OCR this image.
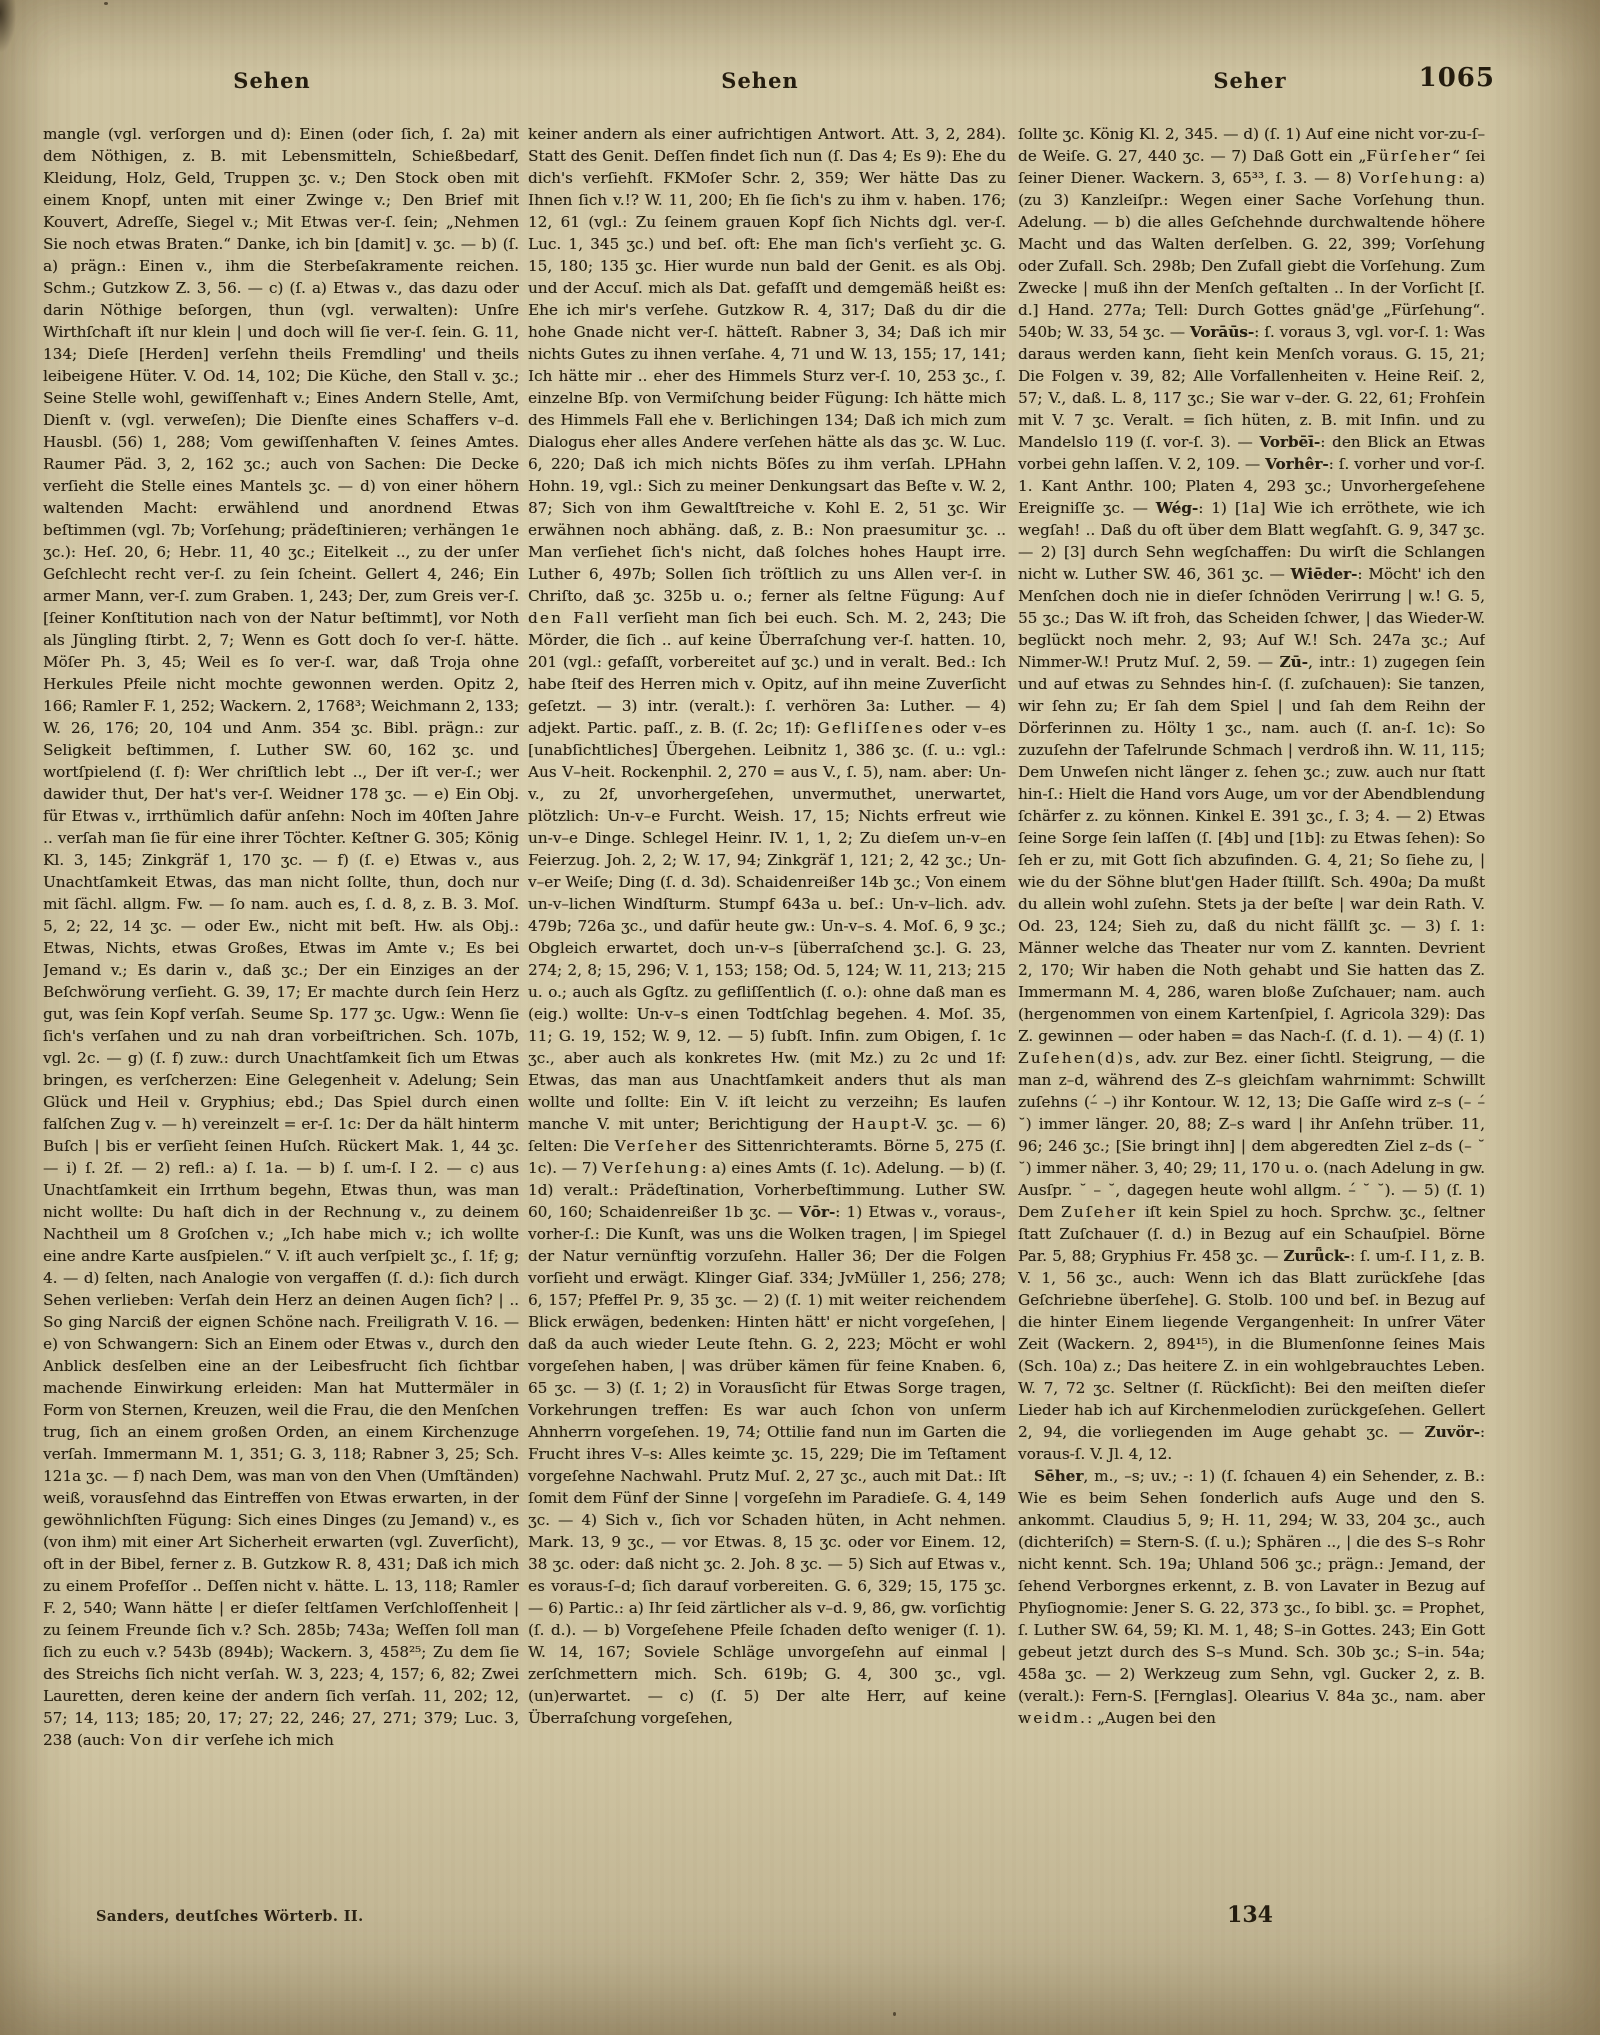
Sehen	Sehen	Seher	1065
mangle (vgl. verſorgen und d): Einen (oder ſich, ſ. 2a) mit dem Nöthigen, z. B. mit Lebensmitteln, Schießbedarf, Kleidung, Holz, Geld, Truppen ʒc. v.; Den Stock oben mit einem Knopf, unten mit einer Zwinge v.; Den Brief mit Kouvert, Adreſſe, Siegel v.; Mit Etwas ver-ſ. ſein; „Nehmen Sie noch etwas Braten.“ Danke, ich bin [damit] v. ʒc. — b) (ſ. a) prägn.: Einen v., ihm die Sterbeſakramente reichen. Schm.; Gutzkow Z. 3, 56. — c) (ſ. a) Etwas v., das dazu oder darin Nöthige beſorgen, thun (vgl. verwalten): Unſre Wirthſchaft iſt nur klein | und doch will ſie ver-ſ. ſein. G. 11, 134; Dieſe [Herden] verſehn theils Fremdling' und theils leibeigene Hüter. V. Od. 14, 102; Die Küche, den Stall v. ʒc.; Seine Stelle wohl, gewiſſenhaft v.; Eines Andern Stelle, Amt, Dienſt v. (vgl. verweſen); Die Dienſte eines Schaffers v–d. Hausbl. (56) 1, 288; Vom gewiſſenhaften V. ſeines Amtes. Raumer Päd. 3, 2, 162 ʒc.; auch von Sachen: Die Decke verſieht die Stelle eines Mantels ʒc. — d) von einer höhern waltenden Macht: erwählend und anordnend Etwas beſtimmen (vgl. 7b; Vorſehung; prädeſtinieren; verhängen 1e ʒc.): Heſ. 20, 6; Hebr. 11, 40 ʒc.; Eitelkeit .., zu der unſer Geſchlecht recht ver-ſ. zu ſein ſcheint. Gellert 4, 246; Ein armer Mann, ver-ſ. zum Graben. 1, 243; Der, zum Greis ver-ſ. [ſeiner Konſtitution nach von der Natur beſtimmt], vor Noth als Jüngling ſtirbt. 2, 7; Wenn es Gott doch ſo ver-ſ. hätte. Möſer Ph. 3, 45; Weil es ſo ver-ſ. war, daß Troja ohne Herkules Pfeile nicht mochte gewonnen werden. Opitz 2, 166; Ramler F. 1, 252; Wackern. 2, 1768³; Weichmann 2, 133; W. 26, 176; 20, 104 und Anm. 354 ʒc. Bibl. prägn.: zur Seligkeit beſtimmen, ſ. Luther SW. 60, 162 ʒc. und wortſpielend (ſ. f): Wer chriſtlich lebt .., Der iſt ver-ſ.; wer dawider thut, Der hat's ver-ſ. Weidner 178 ʒc. — e) Ein Obj. für Etwas v., irrthümlich dafür anſehn: Noch im 40ſten Jahre .. verſah man ſie für eine ihrer Töchter. Keſtner G. 305; König Kl. 3, 145; Zinkgräf 1, 170 ʒc. — f) (ſ. e) Etwas v., aus Unachtſamkeit Etwas, das man nicht ſollte, thun, doch nur mit ſächl. allgm. Fw. — ſo nam. auch es, ſ. d. 8, z. B. 3. Moſ. 5, 2; 22, 14 ʒc. — oder Ew., nicht mit beſt. Hw. als Obj.: Etwas, Nichts, etwas Großes, Etwas im Amte v.; Es bei Jemand v.; Es darin v., daß ʒc.; Der ein Einziges an der Beſchwörung verſieht. G. 39, 17; Er machte durch ſein Herz gut, was ſein Kopf verſah. Seume Sp. 177 ʒc. Ugw.: Wenn ſie ſich's verſahen und zu nah dran vorbeiſtrichen. Sch. 107b, vgl. 2c. — g) (ſ. f) zuw.: durch Unachtſamkeit ſich um Etwas bringen, es verſcherzen: Eine Gelegenheit v. Adelung; Sein Glück und Heil v. Gryphius; ebd.; Das Spiel durch einen falſchen Zug v. — h) vereinzelt = er-ſ. 1c: Der da hält hinterm Buſch | bis er verſieht ſeinen Huſch. Rückert Mak. 1, 44 ʒc. — i) ſ. 2f. — 2) refl.: a) ſ. 1a. — b) ſ. um-ſ. I 2. — c) aus Unachtſamkeit ein Irrthum begehn, Etwas thun, was man nicht wollte: Du haſt dich in der Rechnung v., zu deinem Nachtheil um 8 Groſchen v.; „Ich habe mich v.; ich wollte eine andre Karte ausſpielen.“ V. iſt auch verſpielt ʒc., ſ. 1f; g; 4. — d) ſelten, nach Analogie von vergaffen (ſ. d.): ſich durch Sehen verlieben: Verſah dein Herz an deinen Augen ſich? | .. So ging Narciß der eignen Schöne nach. Freiligrath V. 16. — e) von Schwangern: Sich an Einem oder Etwas v., durch den Anblick desſelben eine an der Leibesfrucht ſich ſichtbar machende Einwirkung erleiden: Man hat Muttermäler in Form von Sternen, Kreuzen, weil die Frau, die den Menſchen trug, ſich an einem großen Orden, an einem Kirchenzuge verſah. Immermann M. 1, 351; G. 3, 118; Rabner 3, 25; Sch. 121a ʒc. — f) nach Dem, was man von den Vhen (Umſtänden) weiß, vorausſehnd das Eintreffen von Etwas erwarten, in der gewöhnlichſten Fügung: Sich eines Dinges (zu Jemand) v., es (von ihm) mit einer Art Sicherheit erwarten (vgl. Zuverſicht), oft in der Bibel, ferner z. B. Gutzkow R. 8, 431; Daß ich mich zu einem Profeſſor .. Deſſen nicht v. hätte. L. 13, 118; Ramler F. 2, 540; Wann hätte | er dieſer ſeltſamen Verſchloſſenheit | zu ſeinem Freunde ſich v.? Sch. 285b; 743a; Weſſen ſoll man ſich zu euch v.? 543b (894b); Wackern. 3, 458²⁵; Zu dem ſie des Streichs ſich nicht verſah. W. 3, 223; 4, 157; 6, 82; Zwei Lauretten, deren keine der andern ſich verſah. 11, 202; 12, 57; 14, 113; 185; 20, 17; 27; 22, 246; 27, 271; 379; Luc. 3, 238 (auch: Von dir verſehe ich mich
keiner andern als einer aufrichtigen Antwort. Att. 3, 2, 284). Statt des Genit. Deſſen findet ſich nun (ſ. Das 4; Es 9): Ehe du dich's verſiehſt. FKMoſer Schr. 2, 359; Wer hätte Das zu Ihnen ſich v.!? W. 11, 200; Eh ſie ſich's zu ihm v. haben. 176; 12, 61 (vgl.: Zu ſeinem grauen Kopf ſich Nichts dgl. ver-ſ. Luc. 1, 345 ʒc.) und beſ. oft: Ehe man ſich's verſieht ʒc. G. 15, 180; 135 ʒc. Hier wurde nun bald der Genit. es als Obj. und der Accuſ. mich als Dat. gefaſſt und demgemäß heißt es: Ehe ich mir's verſehe. Gutzkow R. 4, 317; Daß du dir die hohe Gnade nicht ver-ſ. hätteſt. Rabner 3, 34; Daß ich mir nichts Gutes zu ihnen verſahe. 4, 71 und W. 13, 155; 17, 141; Ich hätte mir .. eher des Himmels Sturz ver-ſ. 10, 253 ʒc., ſ. einzelne Bſp. von Vermiſchung beider Fügung: Ich hätte mich des Himmels Fall ehe v. Berlichingen 134; Daß ich mich zum Dialogus eher alles Andere verſehen hätte als das ʒc. W. Luc. 6, 220; Daß ich mich nichts Böſes zu ihm verſah. LPHahn Hohn. 19, vgl.: Sich zu meiner Denkungsart das Beſte v. W. 2, 87; Sich von ihm Gewaltſtreiche v. Kohl E. 2, 51 ʒc. Wir erwähnen noch abhäng. daß, z. B.: Non praesumitur ʒc. .. Man verſiehet ſich's nicht, daß ſolches hohes Haupt irre. Luther 6, 497b; Sollen ſich tröſtlich zu uns Allen ver-ſ. in Chriſto, daß ʒc. 325b u. o.; ferner als ſeltne Fügung: Auf den Fall verſieht man ſich bei euch. Sch. M. 2, 243; Die Mörder, die ſich .. auf keine Überraſchung ver-ſ. hatten. 10, 201 (vgl.: gefaſſt, vorbereitet auf ʒc.) und in veralt. Bed.: Ich habe ſteif des Herren mich v. Opitz, auf ihn meine Zuverſicht geſetzt. — 3) intr. (veralt.): ſ. verhören 3a: Luther. — 4) adjekt. Partic. paſſ., z. B. (ſ. 2c; 1f): Gefliſſenes oder v–es [unabſichtliches] Übergehen. Leibnitz 1, 386 ʒc. (ſ. u.: vgl.: Aus V–heit. Rockenphil. 2, 270 = aus V., ſ. 5), nam. aber: Un-v., zu 2f, unvorhergeſehen, unvermuthet, unerwartet, plötzlich: Un-v–e Furcht. Weish. 17, 15; Nichts erfreut wie un-v–e Dinge. Schlegel Heinr. IV. 1, 1, 2; Zu dieſem un-v–en Feierzug. Joh. 2, 2; W. 17, 94; Zinkgräf 1, 121; 2, 42 ʒc.; Un-v–er Weiſe; Ding (ſ. d. 3d). Schaidenreißer 14b ʒc.; Von einem un-v–lichen Windſturm. Stumpf 643a u. beſ.: Un-v–lich. adv. 479b; 726a ʒc., und dafür heute gw.: Un-v–s. 4. Moſ. 6, 9 ʒc.; Obgleich erwartet, doch un-v–s [überraſchend ʒc.]. G. 23, 274; 2, 8; 15, 296; V. 1, 153; 158; Od. 5, 124; W. 11, 213; 215 u. o.; auch als Ggſtz. zu gefliſſentlich (ſ. o.): ohne daß man es (eig.) wollte: Un-v–s einen Todtſchlag begehen. 4. Moſ. 35, 11; G. 19, 152; W. 9, 12. — 5) ſubſt. Infin. zum Obigen, ſ. 1c ʒc., aber auch als konkretes Hw. (mit Mz.) zu 2c und 1f: Etwas, das man aus Unachtſamkeit anders thut als man wollte und ſollte: Ein V. iſt leicht zu verzeihn; Es laufen manche V. mit unter; Berichtigung der Haupt-V. ʒc. — 6) ſelten: Die Verſeher des Sittenrichteramts. Börne 5, 275 (ſ. 1c). — 7) Verſehung: a) eines Amts (ſ. 1c). Adelung. — b) (ſ. 1d) veralt.: Prädeſtination, Vorherbeſtimmung. Luther SW. 60, 160; Schaidenreißer 1b ʒc. — Vōr-: 1) Etwas v., voraus-, vorher-ſ.: Die Kunſt, was uns die Wolken tragen, | im Spiegel der Natur vernünftig vorzuſehn. Haller 36; Der die Folgen vorſieht und erwägt. Klinger Giaf. 334; JvMüller 1, 256; 278; 6, 157; Pfeffel Pr. 9, 35 ʒc. — 2) (ſ. 1) mit weiter reichendem Blick erwägen, bedenken: Hinten hätt' er nicht vorgeſehen, | daß da auch wieder Leute ſtehn. G. 2, 223; Möcht er wohl vorgeſehen haben, | was drüber kämen für feine Knaben. 6, 65 ʒc. — 3) (ſ. 1; 2) in Vorausſicht für Etwas Sorge tragen, Vorkehrungen treffen: Es war auch ſchon von unſerm Ahnherrn vorgeſehen. 19, 74; Ottilie fand nun im Garten die Frucht ihres V–s: Alles keimte ʒc. 15, 229; Die im Teſtament vorgeſehne Nachwahl. Prutz Muſ. 2, 27 ʒc., auch mit Dat.: Iſt ſomit dem Fünf der Sinne | vorgeſehn im Paradieſe. G. 4, 149 ʒc. — 4) Sich v., ſich vor Schaden hüten, in Acht nehmen. Mark. 13, 9 ʒc., — vor Etwas. 8, 15 ʒc. oder vor Einem. 12, 38 ʒc. oder: daß nicht ʒc. 2. Joh. 8 ʒc. — 5) Sich auf Etwas v., es voraus-ſ–d; ſich darauf vorbereiten. G. 6, 329; 15, 175 ʒc. — 6) Partic.: a) Ihr ſeid zärtlicher als v–d. 9, 86, gw. vorſichtig (ſ. d.). — b) Vorgeſehene Pfeile ſchaden deſto weniger (ſ. 1). W. 14, 167; Soviele Schläge unvorgeſehn auf einmal | zerſchmettern mich. Sch. 619b; G. 4, 300 ʒc., vgl. (un)erwartet. — c) (ſ. 5) Der alte Herr, auf keine Überraſchung vorgeſehen,
ſollte ʒc. König Kl. 2, 345. — d) (ſ. 1) Auf eine nicht vor-zu-ſ–de Weiſe. G. 27, 440 ʒc. — 7) Daß Gott ein „Fürſeher“ ſei ſeiner Diener. Wackern. 3, 65³³, ſ. 3. — 8) Vorſehung: a) (zu 3) Kanzleiſpr.: Wegen einer Sache Vorſehung thun. Adelung. — b) die alles Geſchehnde durchwaltende höhere Macht und das Walten derſelben. G. 22, 399; Vorſehung oder Zufall. Sch. 298b; Den Zufall giebt die Vorſehung. Zum Zwecke | muß ihn der Menſch geſtalten .. In der Vorſicht [ſ. d.] Hand. 277a; Tell: Durch Gottes gnäd'ge „Fürſehung“. 540b; W. 33, 54 ʒc. — Vorāūs-: ſ. voraus 3, vgl. vor-ſ. 1: Was daraus werden kann, ſieht kein Menſch voraus. G. 15, 21; Die Folgen v. 39, 82; Alle Vorfallenheiten v. Heine Reiſ. 2, 57; V., daß. L. 8, 117 ʒc.; Sie war v–der. G. 22, 61; Frohſein mit V. 7 ʒc. Veralt. = ſich hüten, z. B. mit Infin. und zu Mandelslo 119 (ſ. vor-ſ. 3). — Vorbēī-: den Blick an Etwas vorbei gehn laſſen. V. 2, 109. — Vorhêr-: ſ. vorher und vor-ſ. 1. Kant Anthr. 100; Platen 4, 293 ʒc.; Unvorhergeſehene Ereigniſſe ʒc. — Wég-: 1) [1a] Wie ich erröthete, wie ich wegſah! .. Daß du oft über dem Blatt wegſahſt. G. 9, 347 ʒc. — 2) [3] durch Sehn wegſchaffen: Du wirſt die Schlangen nicht w. Luther SW. 46, 361 ʒc. — Wiēder-: Möcht' ich den Menſchen doch nie in dieſer ſchnöden Verirrung | w.! G. 5, 55 ʒc.; Das W. iſt froh, das Scheiden ſchwer, | das Wieder-W. beglückt noch mehr. 2, 93; Auf W.! Sch. 247a ʒc.; Auf Nimmer-W.! Prutz Muſ. 2, 59. — Zū-, intr.: 1) zugegen ſein und auf etwas zu Sehndes hin-ſ. (ſ. zuſchauen): Sie tanzen, wir ſehn zu; Er ſah dem Spiel | und ſah dem Reihn der Dörferinnen zu. Hölty 1 ʒc., nam. auch (ſ. an-ſ. 1c): So zuzuſehn der Tafelrunde Schmach | verdroß ihn. W. 11, 115; Dem Unweſen nicht länger z. ſehen ʒc.; zuw. auch nur ſtatt hin-ſ.: Hielt die Hand vors Auge, um vor der Abendblendung ſchärfer z. zu können. Kinkel E. 391 ʒc., ſ. 3; 4. — 2) Etwas ſeine Sorge ſein laſſen (ſ. [4b] und [1b]: zu Etwas ſehen): So ſeh er zu, mit Gott ſich abzufinden. G. 4, 21; So ſiehe zu, | wie du der Söhne blut'gen Hader ſtillſt. Sch. 490a; Da mußt du allein wohl zuſehn. Stets ja der beſte | war dein Rath. V. Od. 23, 124; Sieh zu, daß du nicht fällſt ʒc. — 3) ſ. 1: Männer welche das Theater nur vom Z. kannten. Devrient 2, 170; Wir haben die Noth gehabt und Sie hatten das Z. Immermann M. 4, 286, waren bloße Zuſchauer; nam. auch (hergenommen von einem Kartenſpiel, ſ. Agricola 329): Das Z. gewinnen — oder haben = das Nach-ſ. (ſ. d. 1). — 4) (ſ. 1) Zuſehen(d)s, adv. zur Bez. einer ſichtl. Steigrung, — die man z–d, während des Z–s gleichſam wahrnimmt: Schwillt zuſehns (–́ –) ihr Kontour. W. 12, 13; Die Gaſſe wird z–s (– –́ ˘) immer länger. 20, 88; Z–s ward | ihr Anſehn trüber. 11, 96; 246 ʒc.; [Sie bringt ihn] | dem abgeredten Ziel z–ds (– ˘ ˘) immer näher. 3, 40; 29; 11, 170 u. o. (nach Adelung in gw. Ausſpr. ˘ – ˘, dagegen heute wohl allgm. –́ ˘ ˘). — 5) (ſ. 1) Dem Zuſeher iſt kein Spiel zu hoch. Sprchw. ʒc., ſeltner ſtatt Zuſchauer (ſ. d.) in Bezug auf ein Schauſpiel. Börne Par. 5, 88; Gryphius Fr. 458 ʒc. — Zurǖck-: ſ. um-ſ. I 1, z. B. V. 1, 56 ʒc., auch: Wenn ich das Blatt zurückſehe [das Geſchriebne überſehe]. G. Stolb. 100 und beſ. in Bezug auf die hinter Einem liegende Vergangenheit: In unſrer Väter Zeit (Wackern. 2, 894¹⁵), in die Blumenſonne ſeines Mais (Sch. 10a) z.; Das heitere Z. in ein wohlgebrauchtes Leben. W. 7, 72 ʒc. Seltner (ſ. Rückſicht): Bei den meiſten dieſer Lieder hab ich auf Kirchenmelodien zurückgeſehen. Gellert 2, 94, die vorliegenden im Auge gehabt ʒc. — Zuvör-: voraus-ſ. V. Jl. 4, 12.
Sēher, m., –s; uv.; -: 1) (ſ. ſchauen 4) ein Sehender, z. B.: Wie es beim Sehen ſonderlich aufs Auge und den S. ankommt. Claudius 5, 9; H. 11, 294; W. 33, 204 ʒc., auch (dichteriſch) = Stern-S. (ſ. u.); Sphären .., | die des S–s Rohr nicht kennt. Sch. 19a; Uhland 506 ʒc.; prägn.: Jemand, der ſehend Verborgnes erkennt, z. B. von Lavater in Bezug auf Phyſiognomie: Jener S. G. 22, 373 ʒc., ſo bibl. ʒc. = Prophet, ſ. Luther SW. 64, 59; Kl. M. 1, 48; S–in Gottes. 243; Ein Gott gebeut jetzt durch des S–s Mund. Sch. 30b ʒc.; S–in. 54a; 458a ʒc. — 2) Werkzeug zum Sehn, vgl. Gucker 2, z. B. (veralt.): Fern-S. [Fernglas]. Olearius V. 84a ʒc., nam. aber weidm.: „Augen bei den
Sanders, deutſches Wörterb. II.	134
